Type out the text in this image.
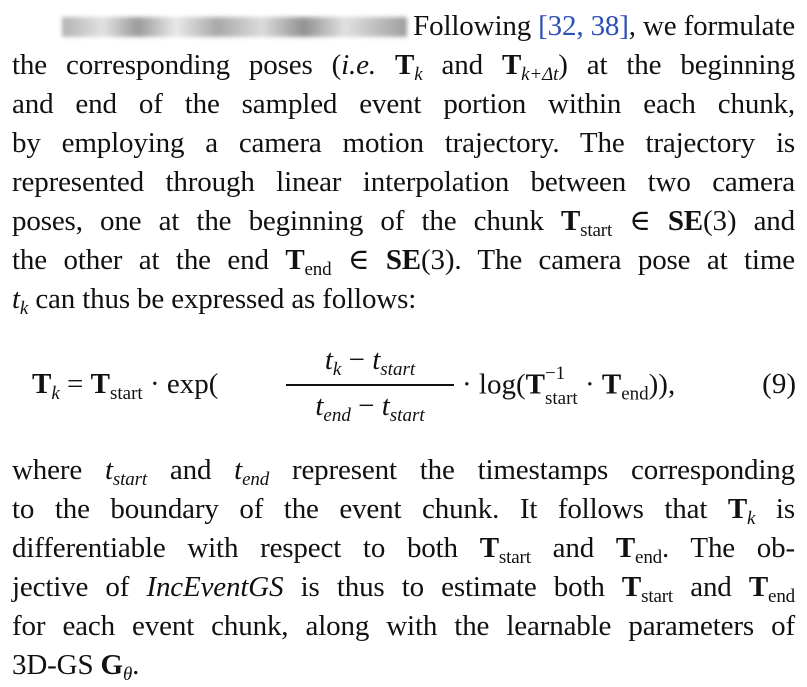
Following [32, 38], we formulate
the corresponding poses (i.e. $T_k$ and $T_{k+\Delta t}$) at the beginning
and end of the sampled event portion within each chunk,
by employing a camera motion trajectory. The trajectory is
represented through linear interpolation between two camera
poses, one at the beginning of the chunk $T_{start}$ ∈ SE(3) and
the other at the end $T_{end}$ ∈ SE(3). The camera pose at time
$t_k$ can thus be expressed as follows:
$T_k = T_{start} \cdot \exp$(
$t_k - t_{start}$
$t_{end} - t_{start}$
· log(T −1
start · $T_{end}$)),	(9)
where $t_{start}$ and $t_{end}$ represent the timestamps corresponding
to the boundary of the event chunk. It follows that $T_k$ is
differentiable with respect to both $T_{start}$ and $T_{end}$. The ob-
jective of IncEventGS is thus to estimate both $T_{start}$ and $T_{end}$
for each event chunk, along with the learnable parameters of
3D-GS $G_\theta$.
